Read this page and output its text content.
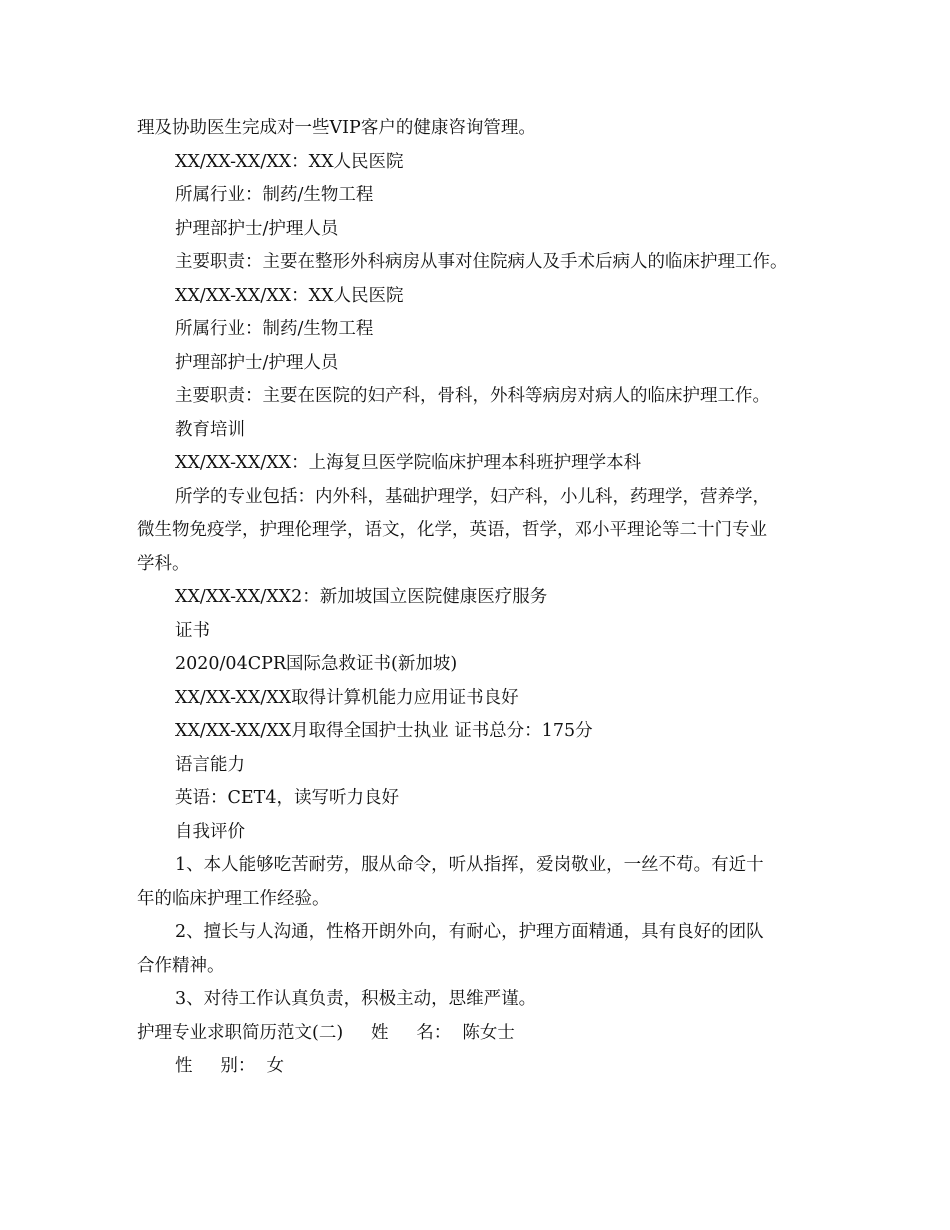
理及协助医生完成对一些VIP客户的健康咨询管理。

XX/XX-XX/XX：XX人民医院

所属行业：制药/生物工程

护理部护士/护理人员

主要职责：主要在整形外科病房从事对住院病人及手术后病人的临床护理工作。

XX/XX-XX/XX：XX人民医院

所属行业：制药/生物工程

护理部护士/护理人员

主要职责：主要在医院的妇产科，骨科，外科等病房对病人的临床护理工作。

教育培训

XX/XX-XX/XX：上海复旦医学院临床护理本科班护理学本科

所学的专业包括：内外科，基础护理学，妇产科，小儿科，药理学，营养学，

微生物免疫学，护理伦理学，语文，化学，英语，哲学，邓小平理论等二十门专业

学科。

XX/XX-XX/XX2：新加坡国立医院健康医疗服务

证书

2020/04CPR国际急救证书(新加坡)

XX/XX-XX/XX取得计算机能力应用证书良好

XX/XX-XX/XX月取得全国护士执业 证书总分：175分

语言能力

英语：CET4，读写听力良好

自我评价

1、本人能够吃苦耐劳，服从命令，听从指挥，爱岗敬业，一丝不苟。有近十

年的临床护理工作经验。

2、擅长与人沟通，性格开朗外向，有耐心，护理方面精通，具有良好的团队

合作精神。

3、对待工作认真负责，积极主动，思维严谨。

护理专业求职简历范文(二)     姓     名：  陈女士

性     别：  女
